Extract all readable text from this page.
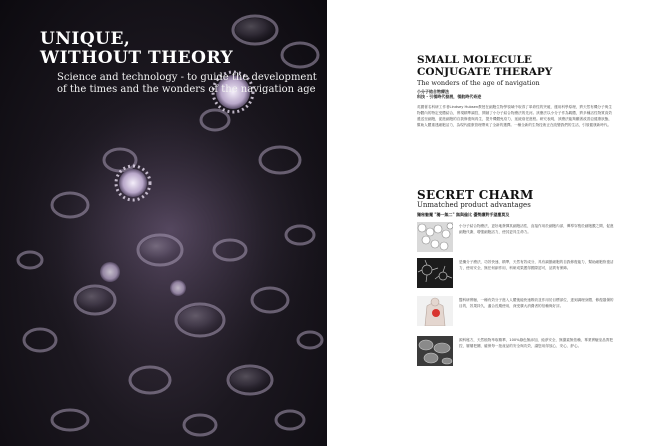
UNIQUE,
WITHOUT THEORY

Science and technology - to guide the development of the times and the wonders of the navigation age

SMALL MOLECULE
CONJUGATE THERAPY
The wonders of the age of navigation
小分子結合物療法
科技 · 引領時代發展，領航時代奇迹

英國著名科研工作者Lindsey Hubsen教授在細胞生物學領域中取得了革命性的突破，運用科學原理，將天然有機分子與生物體內的特定受體結合，實現精準調控，開創了小分子結合物療法的先河。該療法以小分子作為載體，將多種活性物質高效遞送至細胞，促進細胞的自我修復與再生，提升機體免疫力，延緩衰老進程。研究表明，該療法能夠顯著改善亞健康狀態，幫助人體重建細胞活力，為現代健康管理帶來了全新的選擇。一種全新的生物技術正在改變我們的生活，引領健康新時代。

SECRET CHARM
Unmatched product advantages
獨秘魅魔 "獨一無二" 無與倫比 優勢讓對手望塵莫及

小分子結合物療法，更好地發揮其細胞活性，直接作用於細胞內部，傳導穿梭於細胞膜之間，促進細胞代謝，增強細胞活力，使其更具生命力。

是藥分子療法，功效快速、精準，天然有效成分，具有調節細胞的自我修復能力，幫助細胞恢復活力，使用安全，無任何副作用，科研成果獲得國際認可，品質有保障。

醫科研實驗，一種有效分子進入人體後能快速吸收並作用於目標部位，達到調理身體、修復損傷的目的，效果持久，適合長期使用，深受廣大消費者的信賴與好評。

源科秘方，天然植物萃取精華，100%綠色無添加，純淨安全，無激素無依賴，專業實驗室品質把控，層層把關，確保每一批產品的安全與功效，讓您用得放心、安心、舒心。
